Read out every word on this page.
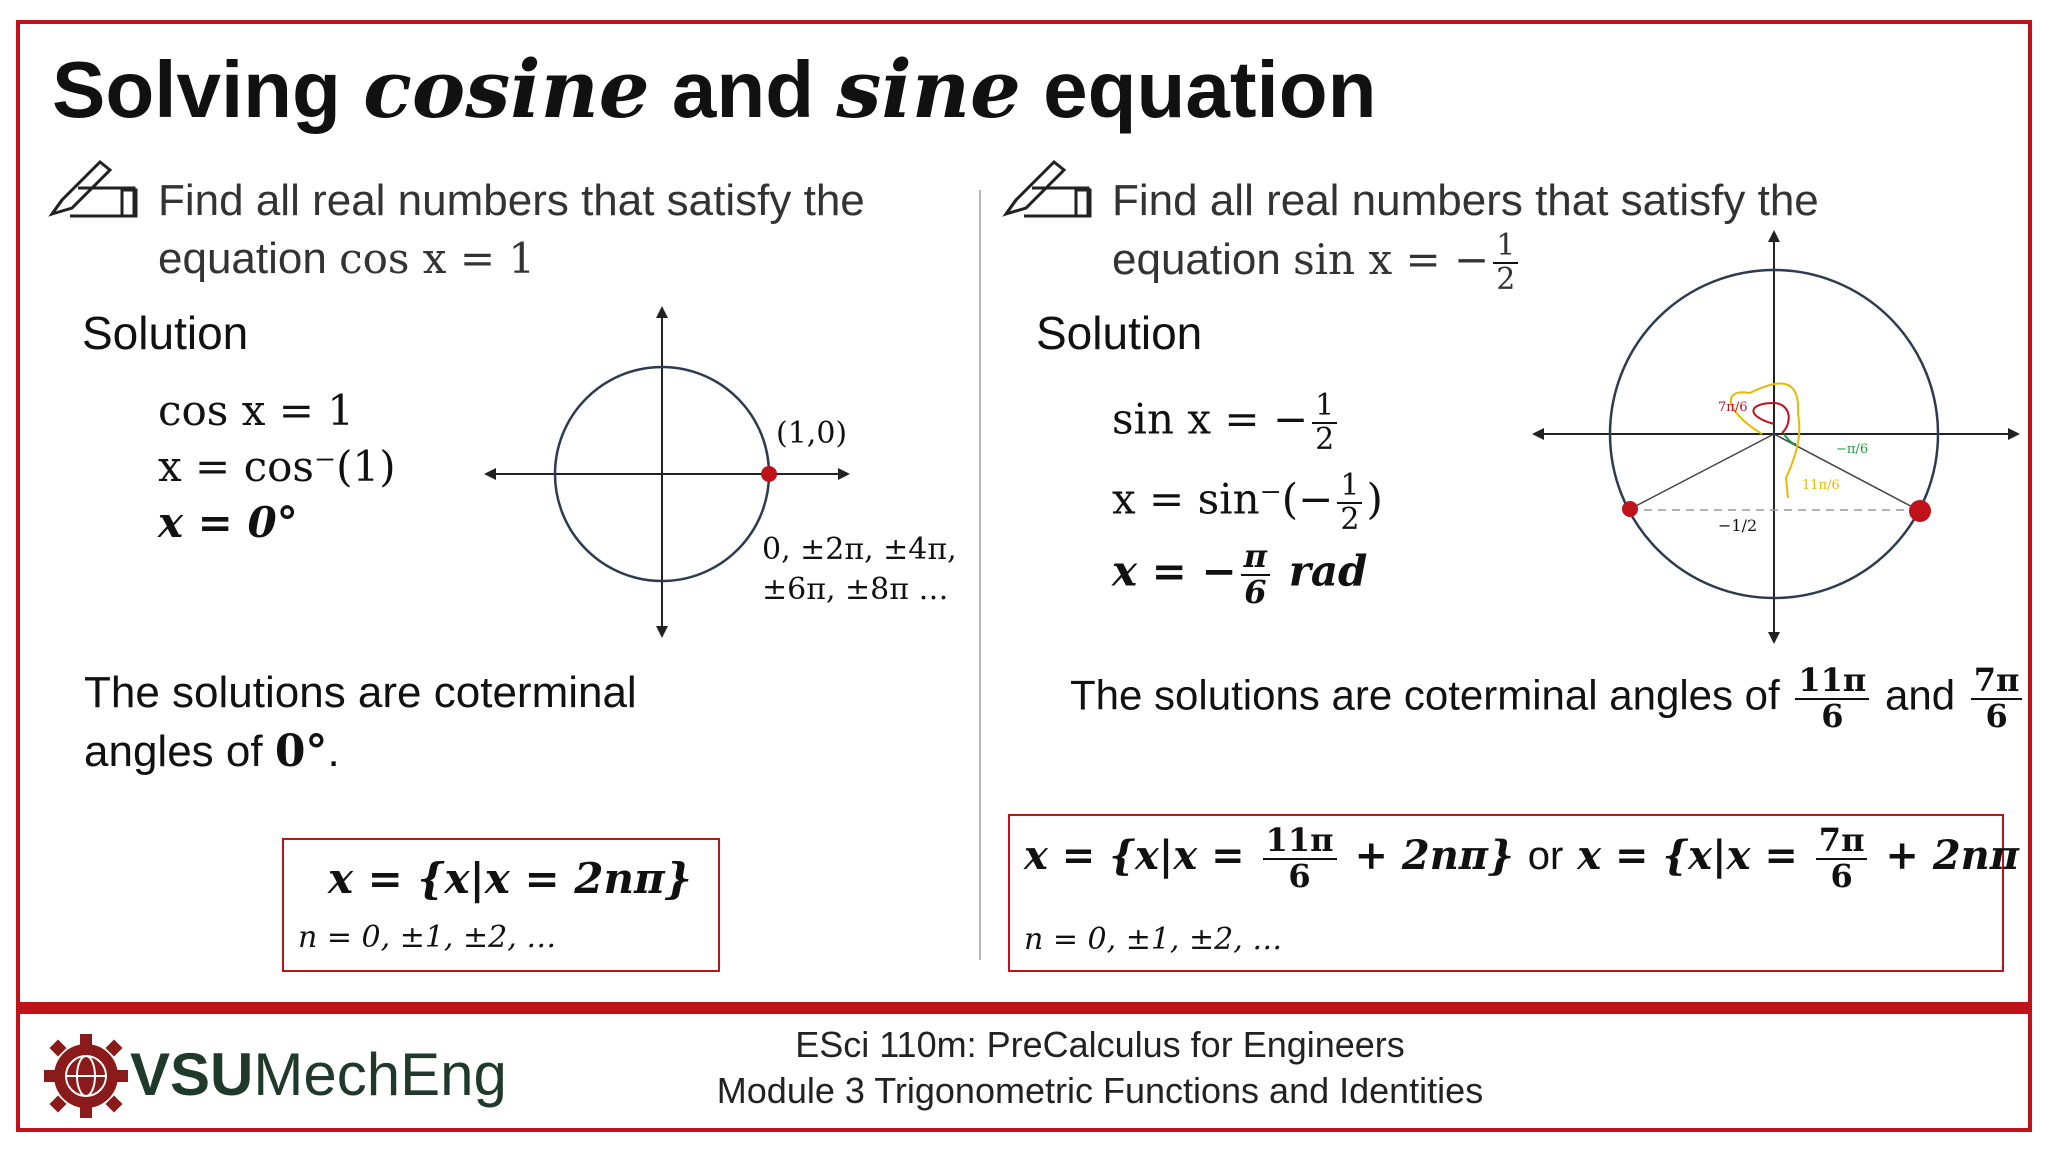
Solving cosine and sine equation
Find all real numbers that satisfy the
equation cos x = 1
Solution
cos x = 1
x = cos⁻(1)
x = 0°
(1,0)
0, ±2π, ±4π,
±6π, ±8π …
The solutions are coterminal
angles of 0°.
x = {x|x = 2nπ}
n = 0, ±1, ±2, …
Find all real numbers that satisfy the
equation sin x = − $\frac{1}{2}$
Solution
sin x = − $\frac{1}{2}$
$x = \sin^-(- \frac{1}{2}$ )
x = − $\frac{\pi}{6}$ rad
7π/6
−π/6
11π/6
−1/2
The solutions are coterminal angles of $\frac{11\pi}{6}$ and $\frac{7\pi}{6}$
$x = \{x|x = \frac{11\pi}{6} + 2n\pi\}$ or $x = \{x|x = \frac{7\pi}{6} + 2n\pi$
n = 0, ±1, ±2, …
VSUMechEng	ESci 110m: PreCalculus for Engineers
Module 3 Trigonometric Functions and Identities
